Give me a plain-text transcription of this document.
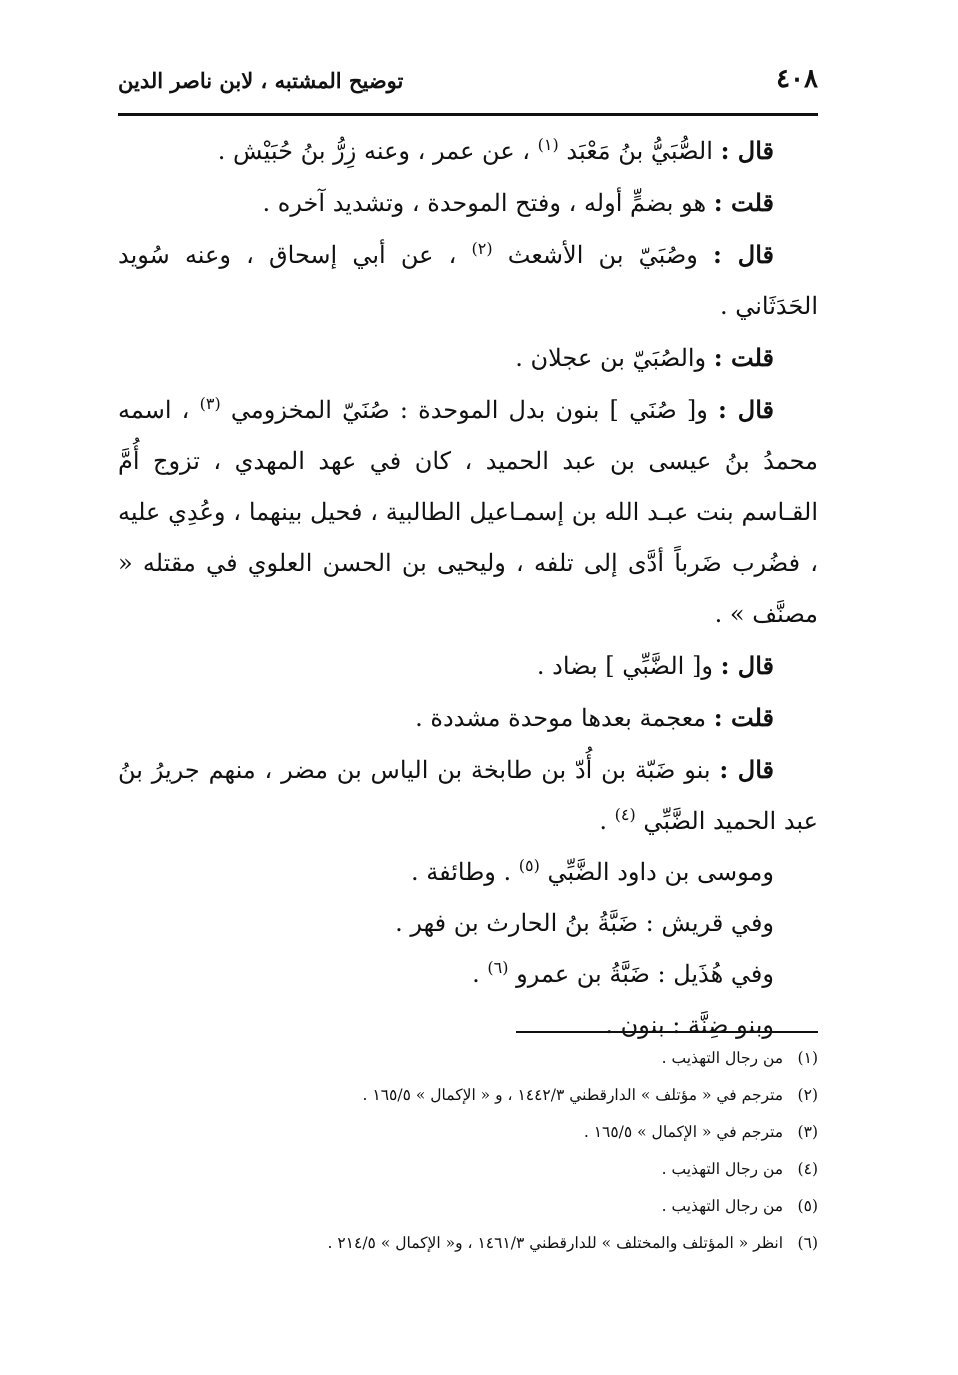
٤٠٨
توضيح المشتبه ، لابن ناصر الدين

قال : الصُّبَيُّ بنُ مَعْبَد $^{(١)}$ ، عن عمر ، وعنه زِرُّ بنُ حُبَيْش .

قلت : هو بضمٍّ أوله ، وفتح الموحدة ، وتشديد آخره .

قال : وصُبَيّ بن الأشعث $^{(٢)}$ ، عن أبي إسحاق ، وعنه سُويد الحَدَثَاني .

قلت : والصُبَيّ بن عجلان .

قال : و[ صُنَي ] بنون بدل الموحدة : صُنَيّ المخزومي $^{(٣)}$ ، اسمه محمدُ بنُ عيسى بن عبد الحميد ، كان في عهد المهدي ، تزوج أُمَّ القـاسم بنت عبـد الله بن إسمـاعيل الطالبية ، فحيل بينهما ، وعُدِي عليه ، فضُرب ضَرباً أدَّى إلى تلفه ، وليحيى بن الحسن العلوي في مقتله « مصنَّف » .

قال : و[ الضَّبِّي ] بضاد .

قلت : معجمة بعدها موحدة مشددة .

قال : بنو ضَبّة بن أُدّ بن طابخة بن الياس بن مضر ، منهم جريرُ بنُ عبد الحميد الضَّبِّي $^{(٤)}$ .

وموسى بن داود الضَّبِّي $^{(٥)}$ . وطائفة .

وفي قريش : ضَبَّةُ بنُ الحارث بن فهر .

وفي هُذَيل : ضَبَّةُ بن عمرو $^{(٦)}$ .

وبنو ضِنَّة : بنون .

(١) من رجال التهذيب .

(٢) مترجم في « مؤتلف » الدارقطني ١٤٤٢/٣ ، و « الإكمال » ١٦٥/٥ .

(٣) مترجم في « الإكمال » ١٦٥/٥ .

(٤) من رجال التهذيب .

(٥) من رجال التهذيب .

(٦) انظر « المؤتلف والمختلف » للدارقطني ١٤٦١/٣ ، و« الإكمال » ٢١٤/٥ .
